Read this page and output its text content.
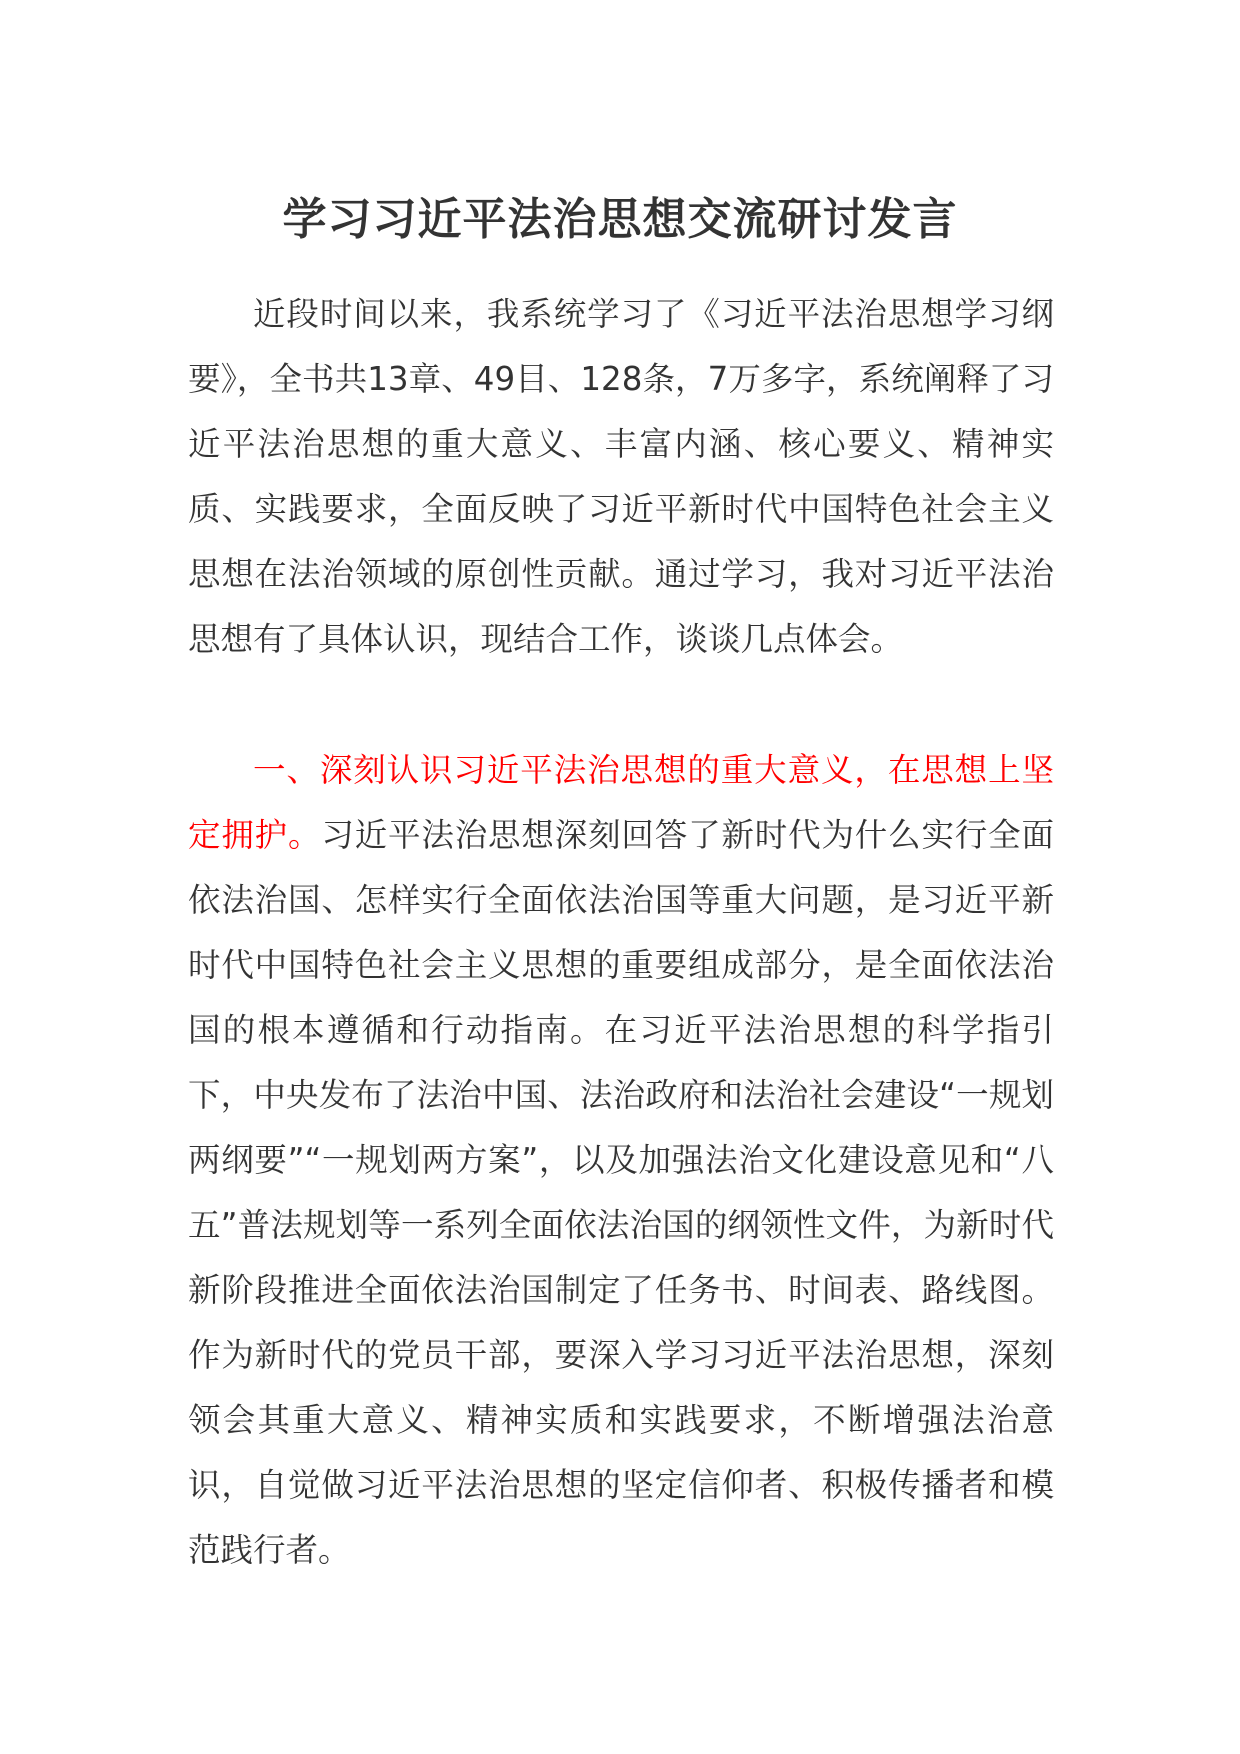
学习习近平法治思想交流研讨发言

近段时间以来，我系统学习了《习近平法治思想学习纲要》，全书共13章、49目、128条，7万多字，系统阐释了习近平法治思想的重大意义、丰富内涵、核心要义、精神实质、实践要求，全面反映了习近平新时代中国特色社会主义思想在法治领域的原创性贡献。通过学习，我对习近平法治思想有了具体认识，现结合工作，谈谈几点体会。

一、深刻认识习近平法治思想的重大意义，在思想上坚定拥护。习近平法治思想深刻回答了新时代为什么实行全面依法治国、怎样实行全面依法治国等重大问题，是习近平新时代中国特色社会主义思想的重要组成部分，是全面依法治国的根本遵循和行动指南。在习近平法治思想的科学指引下，中央发布了法治中国、法治政府和法治社会建设“一规划两纲要”“一规划两方案”，以及加强法治文化建设意见和“八五”普法规划等一系列全面依法治国的纲领性文件，为新时代新阶段推进全面依法治国制定了任务书、时间表、路线图。作为新时代的党员干部，要深入学习习近平法治思想，深刻领会其重大意义、精神实质和实践要求，不断增强法治意识，自觉做习近平法治思想的坚定信仰者、积极传播者和模范践行者。
